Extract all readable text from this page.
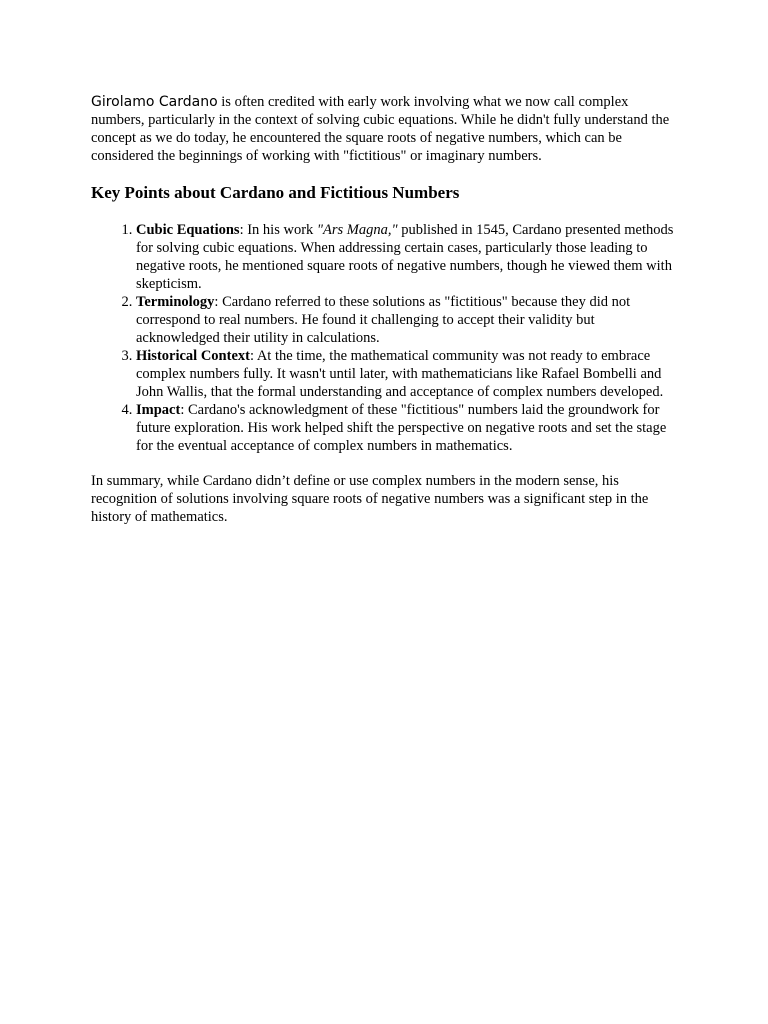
Girolamo Cardano is often credited with early work involving what we now call complex numbers, particularly in the context of solving cubic equations. While he didn't fully understand the concept as we do today, he encountered the square roots of negative numbers, which can be considered the beginnings of working with "fictitious" or imaginary numbers.

Key Points about Cardano and Fictitious Numbers
1. Cubic Equations: In his work "Ars Magna," published in 1545, Cardano presented methods for solving cubic equations. When addressing certain cases, particularly those leading to negative roots, he mentioned square roots of negative numbers, though he viewed them with skepticism.
2. Terminology: Cardano referred to these solutions as "fictitious" because they did not correspond to real numbers. He found it challenging to accept their validity but acknowledged their utility in calculations.
3. Historical Context: At the time, the mathematical community was not ready to embrace complex numbers fully. It wasn't until later, with mathematicians like Rafael Bombelli and John Wallis, that the formal understanding and acceptance of complex numbers developed.
4. Impact: Cardano's acknowledgment of these "fictitious" numbers laid the groundwork for future exploration. His work helped shift the perspective on negative roots and set the stage for the eventual acceptance of complex numbers in mathematics.

In summary, while Cardano didn’t define or use complex numbers in the modern sense, his recognition of solutions involving square roots of negative numbers was a significant step in the history of mathematics.
